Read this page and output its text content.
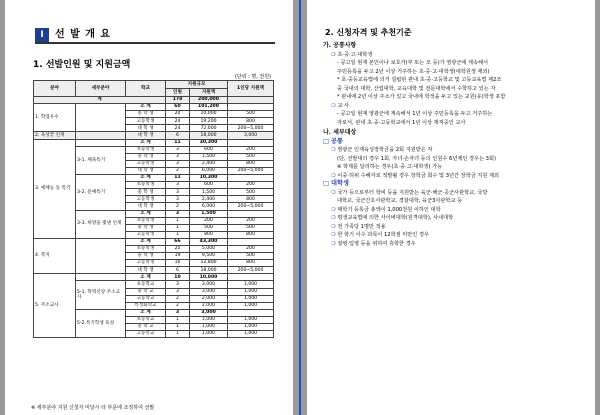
Ⅰ	선 발 개 요
1. 선발인원 및 지원금액
(단위 : 명, 천원)
분야	세부분야	학교	지원규모		1인당 지원액
			인원	지원액	
계			178	200,000	
1. 학업우수		소 계	60	101,200	
		중 학 생	20	10,000	500
		고등학생	24	19,200	800
		대 학 생	24	72,000	200~5,000
2. 육상끝 인재		대 학 생	6	18,000	3,000
3. 예체능 등 특기		소 계	11	30,300	
	3-1. 체육특기	초등학생	3	600	200
		중 학 생	3	1,500	500
		고등학생	3	2,400	800
		대 학 생	2	6,000	200~5,000
	3-2. 문예특기	소 계	11	10,300	
		초등학생	3	600	200
		중 학 생	3	1,500	500
		고등학생	3	2,400	800
		대 학 생	2	6,000	200~5,000
	3-3. 희망을 빛낸 인재	소 계	3	1,500	
		초등학생	1	200	200
		중 학 생	1	500	500
		고등학생	1	800	800
4. 복지		소 계	66	43,300	
		초등학생	25	5,000	200
		중 학 생	19	9,500	500
		고등학생	16	12,800	800
		대 학 생	6	18,000	200~5,000
5. 주소교사		소 계	10	10,000	
	5-1. 학력신장 주소교사	초등학교	3	3,000	1,000
		중 학 교	3	3,000	1,000
		고등학교	2	2,000	1,000
		특성화학교	2	2,000	1,000
	5-2.특기학생 육성	소 계	3	3,000	
		초등학교	1	1,000	1,000
		중 학 교	1	1,000	1,000
		고등학교	1	1,000	1,000
※ 세부분야 지원 신청자 미달시 타 부문에 조정하여 선발
2. 신청자격 및 추천기준
가. 공통사항
❍ 초·중·고·대학생
- 공고일 현재 본인이나 보호자(부 또는 모 등)가 영광군에 계속해서
주민등록을 두고 2년 이상 거주하는 초·중·고·대학생(대학원생 제외)
* 초·중등교육법에 의거 설립된 관내 초·중·고등학교 및 고등교육법 제2조
중 국내의 대학, 산업대학, 교육대학 및 전문대학에서 수학하고 있는 자
* 관내에 2년 이상 주소가 있고 국내에 학적을 두고 있는 교원(유)학생 포함
❍ 교 사
- 공고일 현재 영광군에 계속해서 1년 이상 주민등록을 두고 거주하는
자로서, 관내 초·중·고등학교에서 1년 이상 재직중인 교사
나. 세부대상
□ 공통
❍ 영광군 인재육성장학금을 2회 지원받은 자
(단, 선발대의 경우 1회, 자녀·손자녀 등의 인원수 6년제인 경우는 3회)
※ 학제를 달리하는 경우(초·중·고·대학생) 가능
❍ 이중·허위 수혜자로 적발될 경우 장학금 회수 및 3년간 장학금 지원 제외
□ 대학생
❍ 국가 등으로부터 학비 등을 지원받는 육군·해군·공군사관학교, 국방
대학교, 국군간호사관학교, 경찰대학, 육군3사관학교 등
❍ 매학기 등록금 총액이 1,000천원 이하인 대학
❍ 평생교육법에 의한 사이버대학(원격대학), 사내대학
❍ 전 가족당 1명만 적용
❍ 한 학기 이수 과목이 12학점 미만인 경우
❍ 질병·입영 등을 위하여 휴학한 경우
